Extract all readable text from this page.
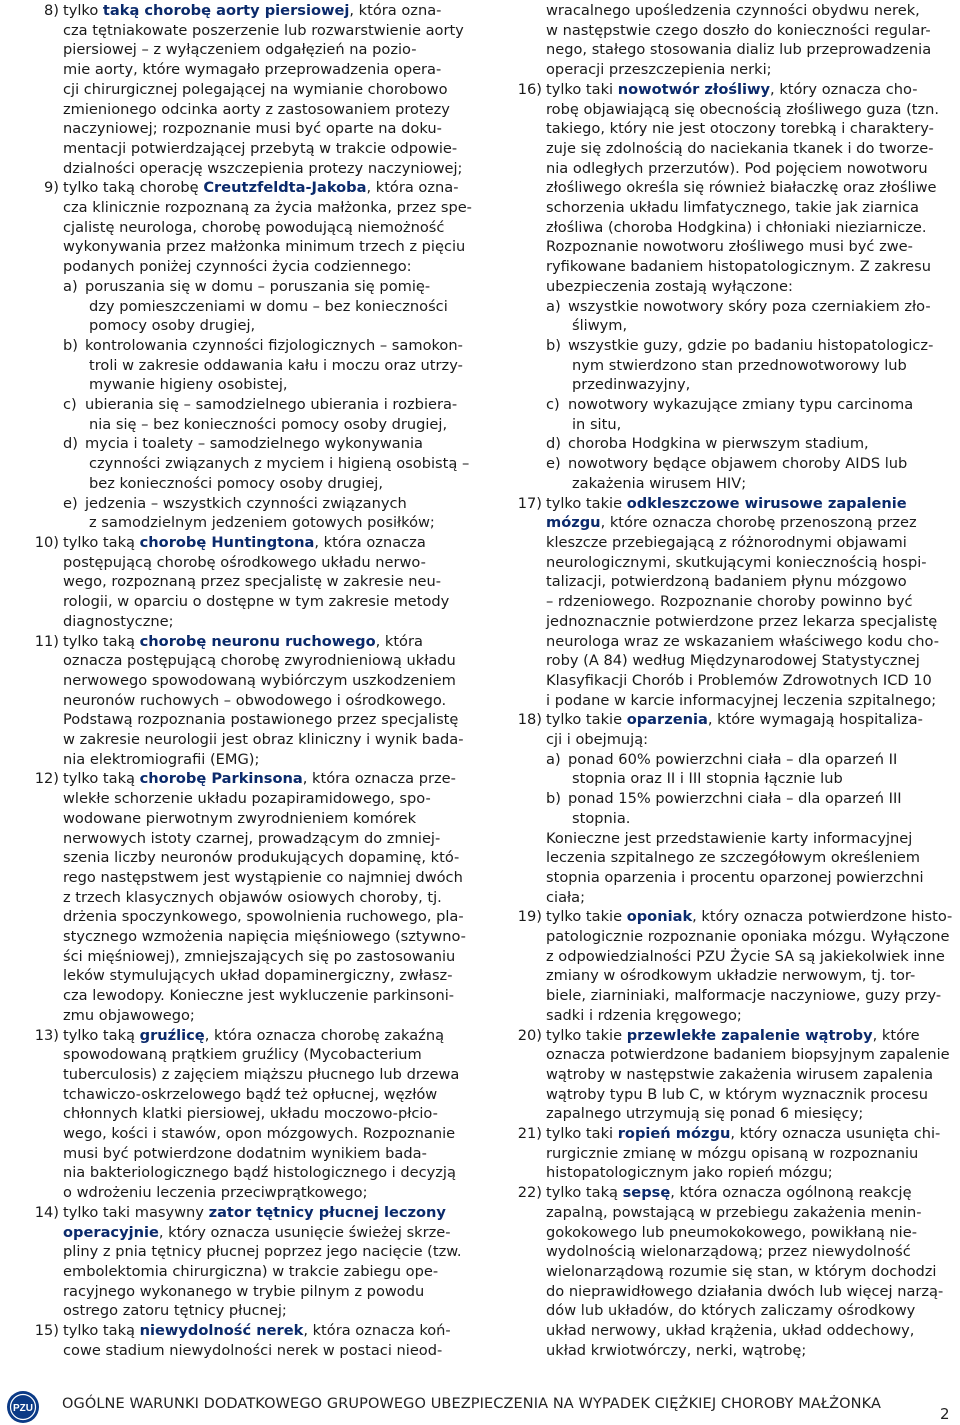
8) tylko taką chorobę aorty piersiowej, która ozna-
cza tętniakowate poszerzenie lub rozwarstwienie aorty
piersiowej – z wyłączeniem odgałęzień na pozio-
mie aorty, które wymagało przeprowadzenia opera-
cji chirurgicznej polegającej na wymianie chorobowo
zmienionego odcinka aorty z zastosowaniem protezy
naczyniowej; rozpoznanie musi być oparte na doku-
mentacji potwierdzającej przebytą w trakcie odpowie-
dzialności operację wszczepienia protezy naczyniowej;
9) tylko taką chorobę Creutzfeldta-Jakoba, która ozna-
cza klinicznie rozpoznaną za życia małżonka, przez spe-
cjalistę neurologa, chorobę powodującą niemożność
wykonywania przez małżonka minimum trzech z pięciu
podanych poniżej czynności życia codziennego:
a) poruszania się w domu – poruszania się pomię-
dzy pomieszczeniami w domu – bez konieczności
pomocy osoby drugiej,
b) kontrolowania czynności fizjologicznych – samokon-
troli w zakresie oddawania kału i moczu oraz utrzy-
mywanie higieny osobistej,
c) ubierania się – samodzielnego ubierania i rozbiera-
nia się – bez konieczności pomocy osoby drugiej,
d) mycia i toalety – samodzielnego wykonywania
czynności związanych z myciem i higieną osobistą –
bez konieczności pomocy osoby drugiej,
e) jedzenia – wszystkich czynności związanych
z samodzielnym jedzeniem gotowych posiłków;
10) tylko taką chorobę Huntingtona, która oznacza
postępującą chorobę ośrodkowego układu nerwo-
wego, rozpoznaną przez specjalistę w zakresie neu-
rologii, w oparciu o dostępne w tym zakresie metody
diagnostyczne;
11) tylko taką chorobę neuronu ruchowego, która
oznacza postępującą chorobę zwyrodnieniową układu
nerwowego spowodowaną wybiórczym uszkodzeniem
neuronów ruchowych – obwodowego i ośrodkowego.
Podstawą rozpoznania postawionego przez specjalistę
w zakresie neurologii jest obraz kliniczny i wynik bada-
nia elektromiografii (EMG);
12) tylko taką chorobę Parkinsona, która oznacza prze-
wlekłe schorzenie układu pozapiramidowego, spo-
wodowane pierwotnym zwyrodnieniem komórek
nerwowych istoty czarnej, prowadzącym do zmniej-
szenia liczby neuronów produkujących dopaminę, któ-
rego następstwem jest wystąpienie co najmniej dwóch
z trzech klasycznych objawów osiowych choroby, tj.
drżenia spoczynkowego, spowolnienia ruchowego, pla-
stycznego wzmożenia napięcia mięśniowego (sztywno-
ści mięśniowej), zmniejszających się po zastosowaniu
leków stymulujących układ dopaminergiczny, zwłasz-
cza lewodopy. Konieczne jest wykluczenie parkinsoni-
zmu objawowego;
13) tylko taką gruźlicę, która oznacza chorobę zakaźną
spowodowaną prątkiem gruźlicy (Mycobacterium
tuberculosis) z zajęciem miąższu płucnego lub drzewa
tchawiczo-oskrzelowego bądź też opłucnej, węzłów
chłonnych klatki piersiowej, układu moczowo-płcio-
wego, kości i stawów, opon mózgowych. Rozpoznanie
musi być potwierdzone dodatnim wynikiem bada-
nia bakteriologicznego bądź histologicznego i decyzją
o wdrożeniu leczenia przeciwprątkowego;
14) tylko taki masywny zator tętnicy płucnej leczony
operacyjnie, który oznacza usunięcie świeżej skrze-
pliny z pnia tętnicy płucnej poprzez jego nacięcie (tzw.
embolektomia chirurgiczna) w trakcie zabiegu ope-
racyjnego wykonanego w trybie pilnym z powodu
ostrego zatoru tętnicy płucnej;
15) tylko taką niewydolność nerek, która oznacza koń-
cowe stadium niewydolności nerek w postaci nieod-
wracalnego upośledzenia czynności obydwu nerek,
w następstwie czego doszło do konieczności regular-
nego, stałego stosowania dializ lub przeprowadzenia
operacji przeszczepienia nerki;
16) tylko taki nowotwór złośliwy, który oznacza cho-
robę objawiającą się obecnością złośliwego guza (tzn.
takiego, który nie jest otoczony torebką i charaktery-
zuje się zdolnością do naciekania tkanek i do tworze-
nia odległych przerzutów). Pod pojęciem nowotworu
złośliwego określa się również białaczkę oraz złośliwe
schorzenia układu limfatycznego, takie jak ziarnica
złośliwa (choroba Hodgkina) i chłoniaki nieziarnicze.
Rozpoznanie nowotworu złośliwego musi być zwe-
ryfikowane badaniem histopatologicznym. Z zakresu
ubezpieczenia zostają wyłączone:
a) wszystkie nowotwory skóry poza czerniakiem zło-
śliwym,
b) wszystkie guzy, gdzie po badaniu histopatologicz-
nym stwierdzono stan przednowotworowy lub
przedinwazyjny,
c) nowotwory wykazujące zmiany typu carcinoma
in situ,
d) choroba Hodgkina w pierwszym stadium,
e) nowotwory będące objawem choroby AIDS lub
zakażenia wirusem HIV;
17) tylko takie odkleszczowe wirusowe zapalenie
mózgu, które oznacza chorobę przenoszoną przez
kleszcze przebiegającą z różnorodnymi objawami
neurologicznymi, skutkującymi koniecznością hospi-
talizacji, potwierdzoną badaniem płynu mózgowo
– rdzeniowego. Rozpoznanie choroby powinno być
jednoznacznie potwierdzone przez lekarza specjalistę
neurologa wraz ze wskazaniem właściwego kodu cho-
roby (A 84) według Międzynarodowej Statystycznej
Klasyfikacji Chorób i Problemów Zdrowotnych ICD 10
i podane w karcie informacyjnej leczenia szpitalnego;
18) tylko takie oparzenia, które wymagają hospitaliza-
cji i obejmują:
a) ponad 60% powierzchni ciała – dla oparzeń II
stopnia oraz II i III stopnia łącznie lub
b) ponad 15% powierzchni ciała – dla oparzeń III
stopnia.
Konieczne jest przedstawienie karty informacyjnej
leczenia szpitalnego ze szczegółowym określeniem
stopnia oparzenia i procentu oparzonej powierzchni
ciała;
19) tylko takie oponiak, który oznacza potwierdzone histo-
patologicznie rozpoznanie oponiaka mózgu. Wyłączone
z odpowiedzialności PZU Życie SA są jakiekolwiek inne
zmiany w ośrodkowym układzie nerwowym, tj. tor-
biele, ziarniniaki, malformacje naczyniowe, guzy przy-
sadki i rdzenia kręgowego;
20) tylko takie przewlekłe zapalenie wątroby, które
oznacza potwierdzone badaniem biopsyjnym zapalenie
wątroby w następstwie zakażenia wirusem zapalenia
wątroby typu B lub C, w którym wyznacznik procesu
zapalnego utrzymują się ponad 6 miesięcy;
21) tylko taki ropień mózgu, który oznacza usunięta chi-
rurgicznie zmianę w mózgu opisaną w rozpoznaniu
histopatologicznym jako ropień mózgu;
22) tylko taką sepsę, która oznacza ogólnoną reakcję
zapalną, powstającą w przebiegu zakażenia menin-
gokokowego lub pneumokokowego, powikłaną nie-
wydolnością wielonarządową; przez niewydolność
wielonarządową rozumie się stan, w którym dochodzi
do nieprawidłowego działania dwóch lub więcej narzą-
dów lub układów, do których zaliczamy ośrodkowy
układ nerwowy, układ krążenia, układ oddechowy,
układ krwiotwórczy, nerki, wątrobę;
PZU OGÓLNE WARUNKI DODATKOWEGO GRUPOWEGO UBEZPIECZENIA NA WYPADEK CIĘŻKIEJ CHOROBY MAŁŻONKA
2
